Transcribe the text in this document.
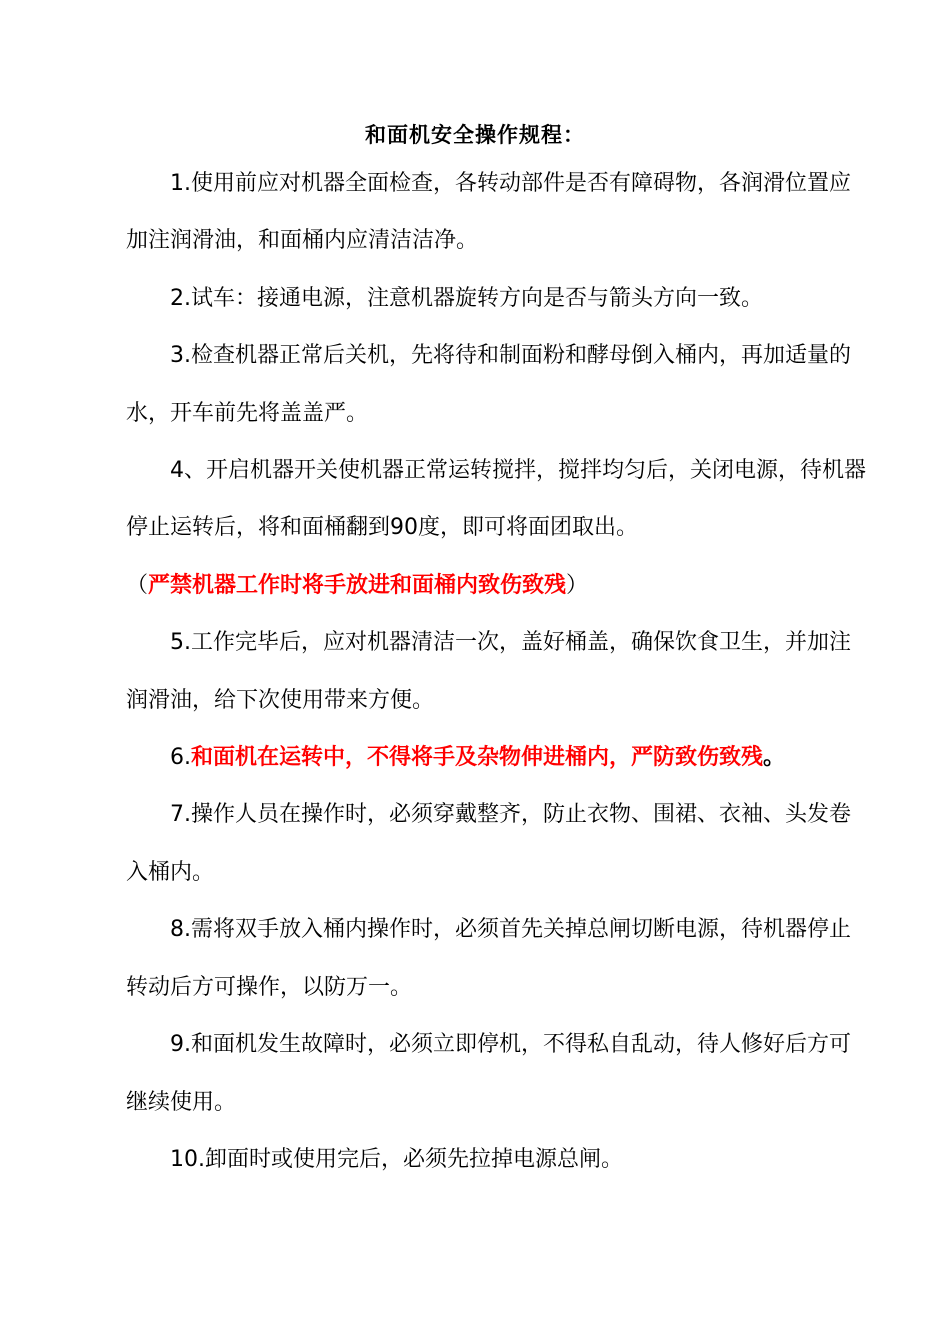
和面机安全操作规程：

1.使用前应对机器全面检查，各转动部件是否有障碍物，各润滑位置应加注润滑油，和面桶内应清洁洁净。

2.试车：接通电源，注意机器旋转方向是否与箭头方向一致。

3.检查机器正常后关机，先将待和制面粉和酵母倒入桶内，再加适量的水，开车前先将盖盖严。

4、开启机器开关使机器正常运转搅拌，搅拌均匀后，关闭电源，待机器停止运转后，将和面桶翻到90度，即可将面团取出。

（严禁机器工作时将手放进和面桶内致伤致残）

5.工作完毕后，应对机器清洁一次，盖好桶盖，确保饮食卫生，并加注润滑油，给下次使用带来方便。

6.和面机在运转中，不得将手及杂物伸进桶内，严防致伤致残。

7.操作人员在操作时，必须穿戴整齐，防止衣物、围裙、衣袖、头发卷入桶内。

8.需将双手放入桶内操作时，必须首先关掉总闸切断电源，待机器停止转动后方可操作，以防万一。

9.和面机发生故障时，必须立即停机，不得私自乱动，待人修好后方可继续使用。

10.卸面时或使用完后，必须先拉掉电源总闸。
